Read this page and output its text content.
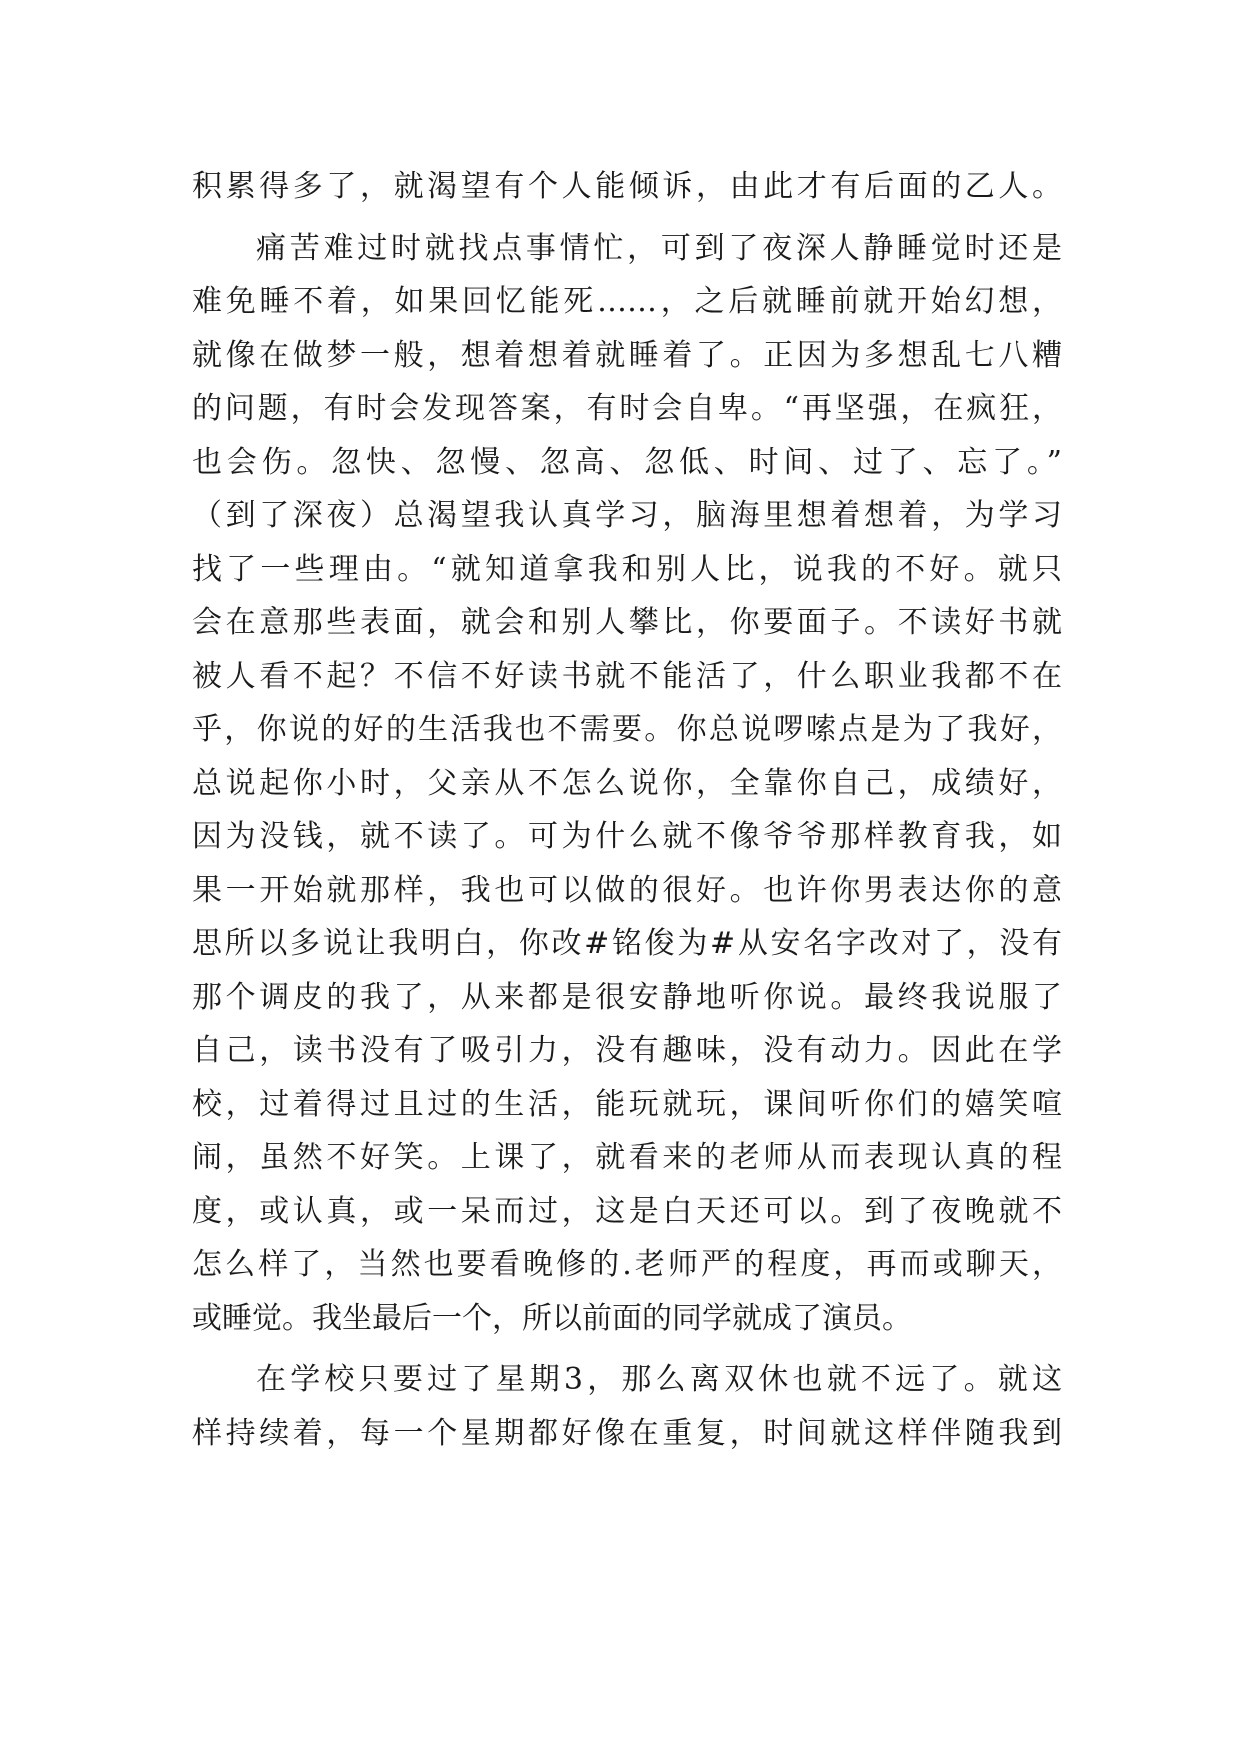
积累得多了，就渴望有个人能倾诉，由此才有后面的乙人。
痛苦难过时就找点事情忙，可到了夜深人静睡觉时还是
难免睡不着，如果回忆能死……，之后就睡前就开始幻想，
就像在做梦一般，想着想着就睡着了。正因为多想乱七八糟
的问题，有时会发现答案，有时会自卑。“再坚强，在疯狂，
也会伤。忽快、忽慢、忽高、忽低、时间、过了、忘了。”
（到了深夜）总渴望我认真学习，脑海里想着想着，为学习
找了一些理由。“就知道拿我和别人比，说我的不好。就只
会在意那些表面，就会和别人攀比，你要面子。不读好书就
被人看不起？不信不好读书就不能活了，什么职业我都不在
乎，你说的好的生活我也不需要。你总说啰嗦点是为了我好，
总说起你小时，父亲从不怎么说你，全靠你自己，成绩好，
因为没钱，就不读了。可为什么就不像爷爷那样教育我，如
果一开始就那样，我也可以做的很好。也许你男表达你的意
思所以多说让我明白，你改#铭俊为#从安名字改对了，没有
那个调皮的我了，从来都是很安静地听你说。最终我说服了
自己，读书没有了吸引力，没有趣味，没有动力。因此在学
校，过着得过且过的生活，能玩就玩，课间听你们的嬉笑喧
闹，虽然不好笑。上课了，就看来的老师从而表现认真的程
度，或认真，或一呆而过，这是白天还可以。到了夜晚就不
怎么样了，当然也要看晚修的.老师严的程度，再而或聊天，
或睡觉。我坐最后一个，所以前面的同学就成了演员。
在学校只要过了星期3，那么离双休也就不远了。就这
样持续着，每一个星期都好像在重复，时间就这样伴随我到
